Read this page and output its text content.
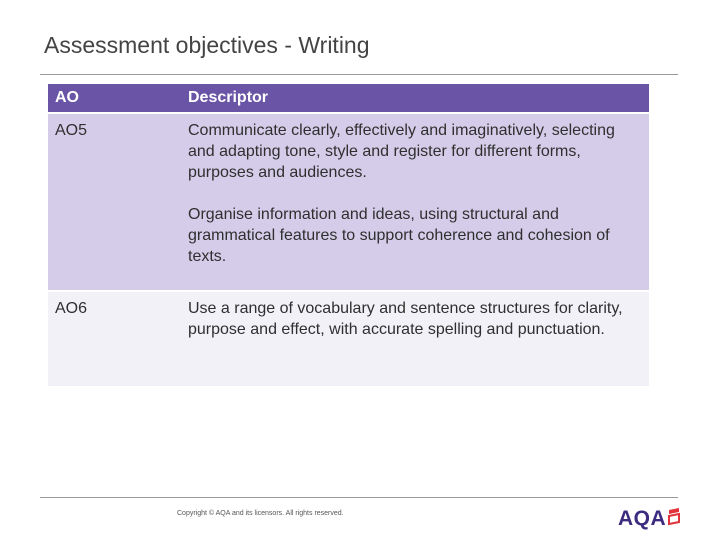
Assessment objectives - Writing
AO	Descriptor
AO5	Communicate clearly, effectively and imaginatively, selecting and adapting tone, style and register for different forms, purposes and audiences.

Organise information and ideas, using structural and grammatical features to support coherence and cohesion of texts.

AO6	Use a range of vocabulary and sentence structures for clarity, purpose and effect, with accurate spelling and punctuation.

Copyright © AQA and its licensors. All rights reserved.	AQA
